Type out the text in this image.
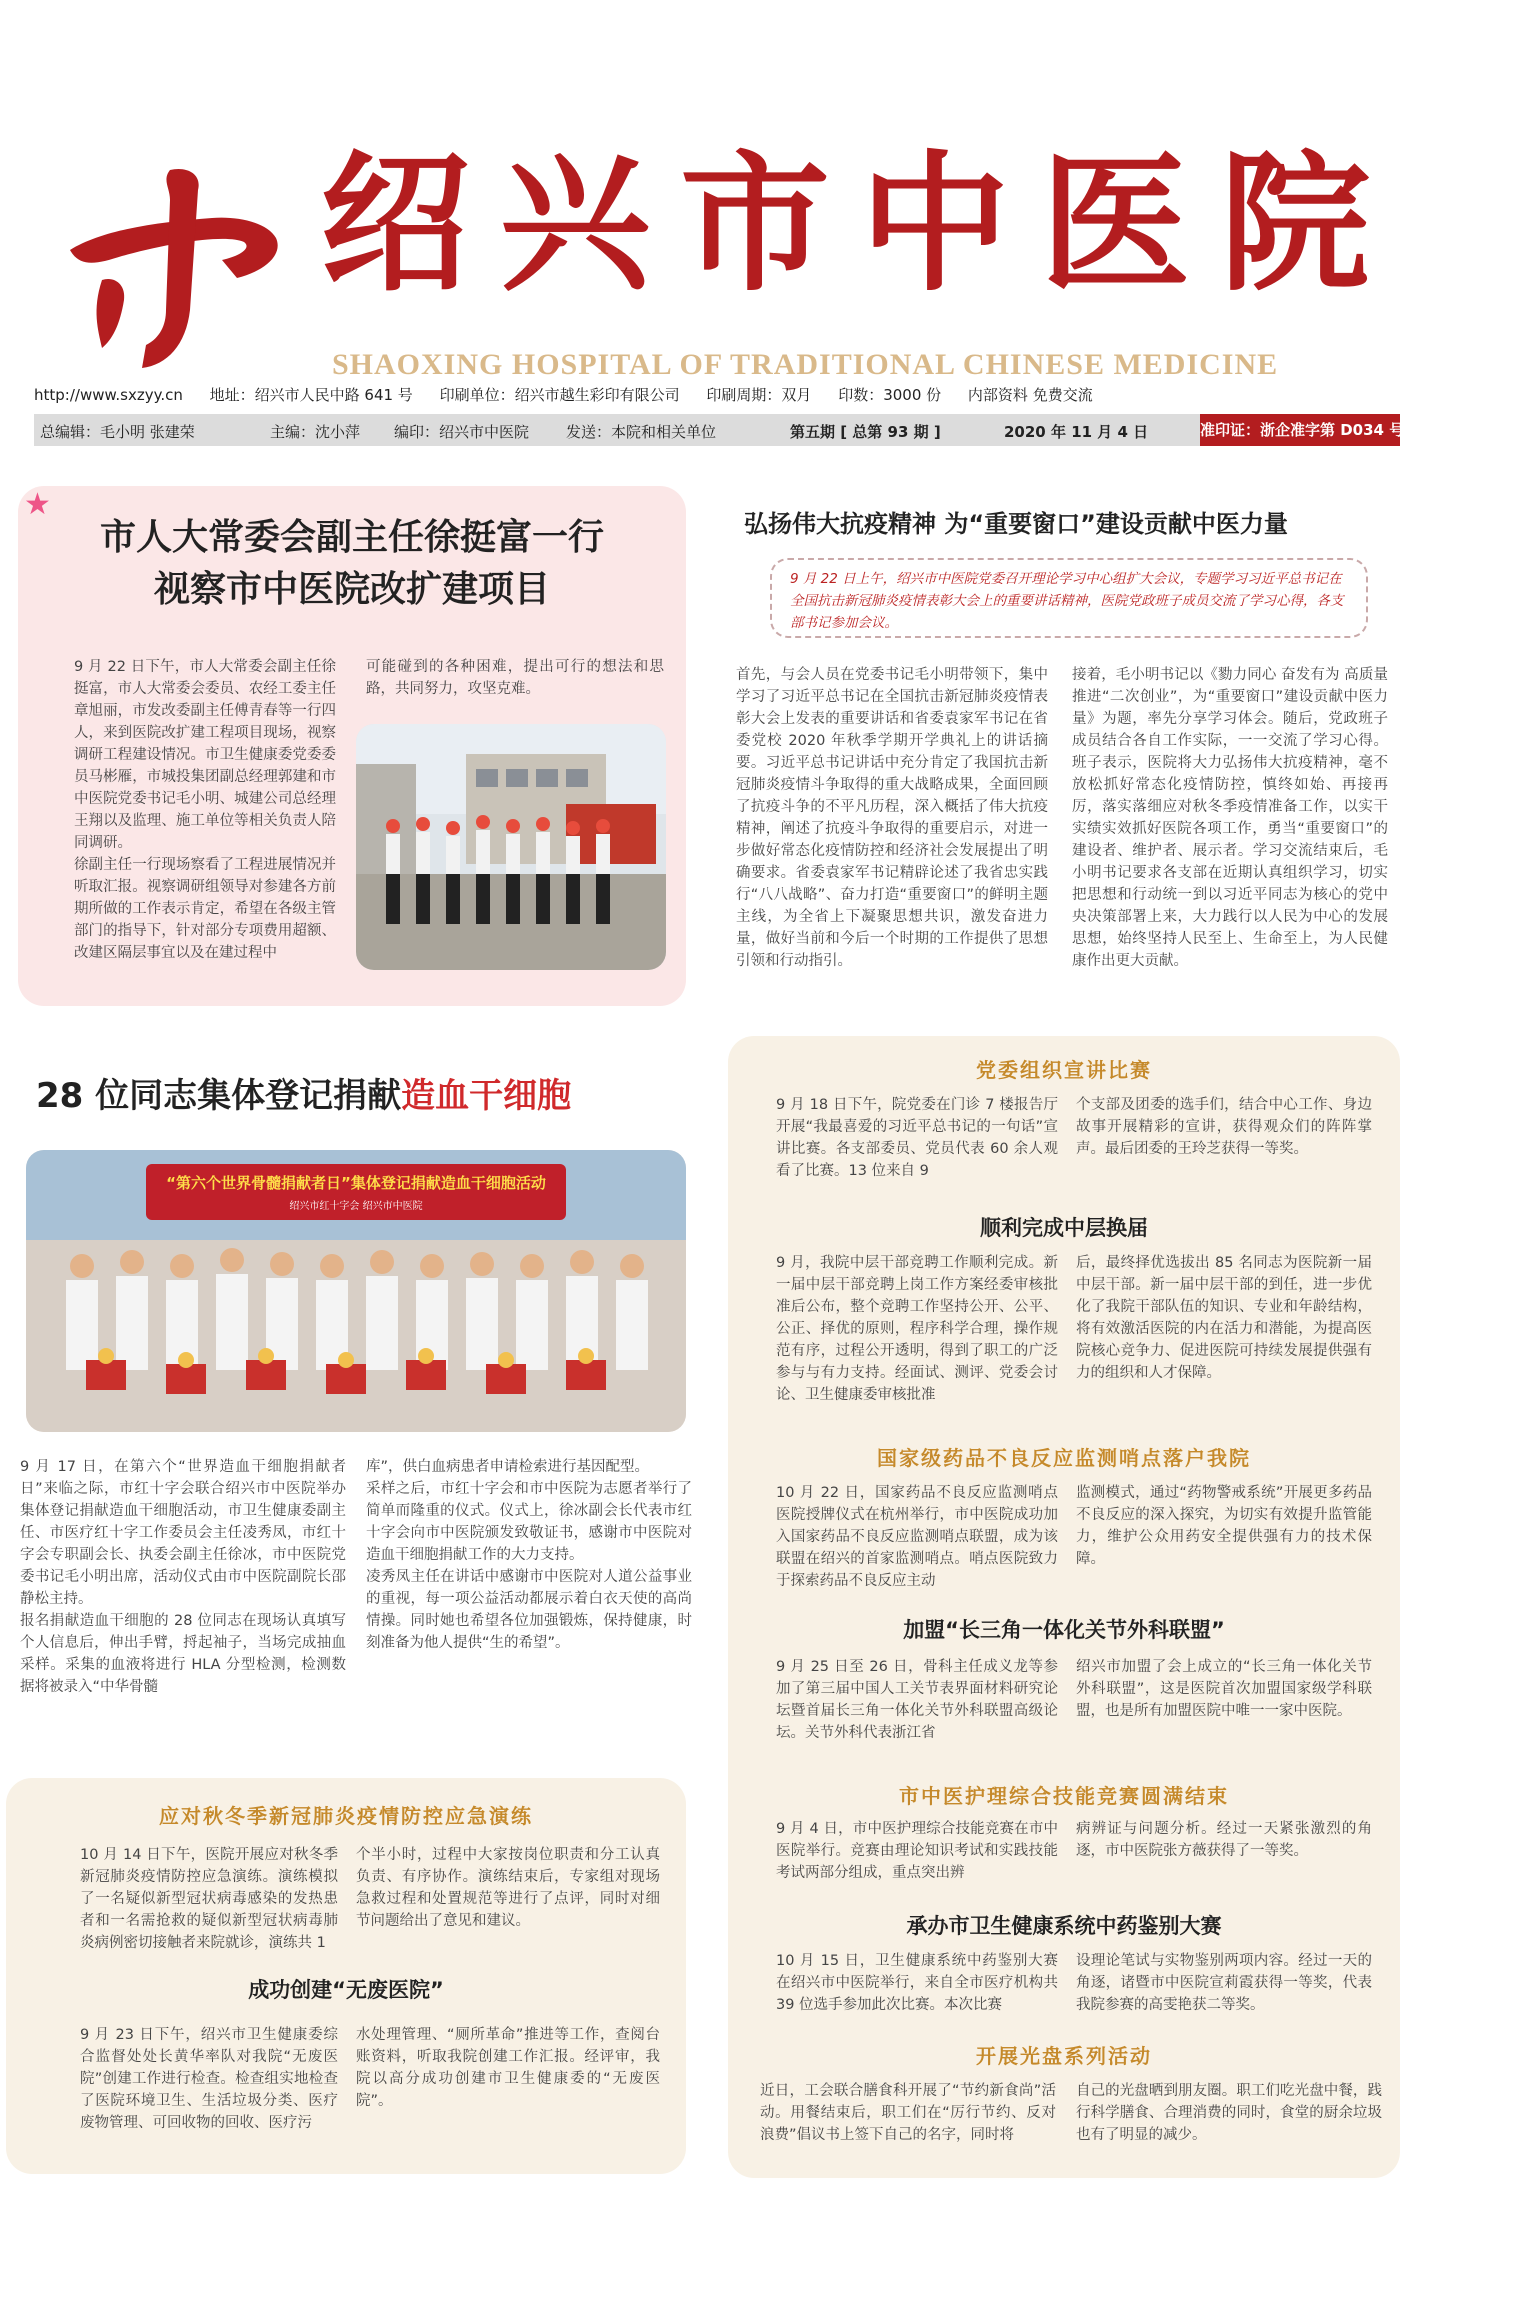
绍兴市中医院
SHAOXING HOSPITAL OF TRADITIONAL CHINESE MEDICINE
http://www.sxzyy.cn 地址：绍兴市人民中路 641 号 印刷单位：绍兴市越生彩印有限公司 印刷周期：双月 印数：3000 份 内部资料 免费交流
总编辑：毛小明 张建荣	主编：沈小萍 编印：绍兴市中医院 发送：本院和相关单位	第五期 [ 总第 93 期 ]	2020 年 11 月 4 日	准印证：浙企准字第 D034 号
★
市人大常委会副主任徐挺富一行
视察市中医院改扩建项目
9 月 22 日下午，市人大常委会副主任徐挺富，市人大常委会委员、农经工委主任章旭丽，市发改委副主任傅青春等一行四人，来到医院改扩建工程项目现场，视察调研工程建设情况。市卫生健康委党委委员马彬雁，市城投集团副总经理郭建和市中医院党委书记毛小明、城建公司总经理王翔以及监理、施工单位等相关负责人陪同调研。
徐副主任一行现场察看了工程进展情况并听取汇报。视察调研组领导对参建各方前期所做的工作表示肯定，希望在各级主管部门的指导下，针对部分专项费用超额、改建区隔层事宜以及在建过程中
可能碰到的各种困难，提出可行的想法和思路，共同努力，攻坚克难。
弘扬伟大抗疫精神 为“重要窗口”建设贡献中医力量
9 月 22 日上午，绍兴市中医院党委召开理论学习中心组扩大会议，专题学习习近平总书记在全国抗击新冠肺炎疫情表彰大会上的重要讲话精神，医院党政班子成员交流了学习心得，各支部书记参加会议。
首先，与会人员在党委书记毛小明带领下，集中学习了习近平总书记在全国抗击新冠肺炎疫情表彰大会上发表的重要讲话和省委袁家军书记在省委党校 2020 年秋季学期开学典礼上的讲话摘要。习近平总书记讲话中充分肯定了我国抗击新冠肺炎疫情斗争取得的重大战略成果，全面回顾了抗疫斗争的不平凡历程，深入概括了伟大抗疫精神，阐述了抗疫斗争取得的重要启示，对进一步做好常态化疫情防控和经济社会发展提出了明确要求。省委袁家军书记精辟论述了我省忠实践行“八八战略”、奋力打造“重要窗口”的鲜明主题主线，为全省上下凝聚思想共识，激发奋进力量，做好当前和今后一个时期的工作提供了思想引领和行动指引。
接着，毛小明书记以《勠力同心 奋发有为 高质量推进“二次创业”，为“重要窗口”建设贡献中医力量》为题，率先分享学习体会。随后，党政班子成员结合各自工作实际，一一交流了学习心得。班子表示，医院将大力弘扬伟大抗疫精神，毫不放松抓好常态化疫情防控，慎终如始、再接再厉，落实落细应对秋冬季疫情准备工作，以实干实绩实效抓好医院各项工作，勇当“重要窗口”的建设者、维护者、展示者。学习交流结束后，毛小明书记要求各支部在近期认真组织学习，切实把思想和行动统一到以习近平同志为核心的党中央决策部署上来，大力践行以人民为中心的发展思想，始终坚持人民至上、生命至上，为人民健康作出更大贡献。
28 位同志集体登记捐献造血干细胞
“第六个世界骨髓捐献者日”集体登记捐献造血干细胞活动
绍兴市红十字会 绍兴市中医院
9 月 17 日，在第六个“世界造血干细胞捐献者日”来临之际，市红十字会联合绍兴市中医院举办集体登记捐献造血干细胞活动，市卫生健康委副主任、市医疗红十字工作委员会主任凌秀凤，市红十字会专职副会长、执委会副主任徐冰，市中医院党委书记毛小明出席，活动仪式由市中医院副院长邵静松主持。
报名捐献造血干细胞的 28 位同志在现场认真填写个人信息后，伸出手臂，捋起袖子，当场完成抽血采样。采集的血液将进行 HLA 分型检测，检测数据将被录入“中华骨髓
库”，供白血病患者申请检索进行基因配型。
采样之后，市红十字会和市中医院为志愿者举行了简单而隆重的仪式。仪式上，徐冰副会长代表市红十字会向市中医院颁发致敬证书，感谢市中医院对造血干细胞捐献工作的大力支持。
凌秀凤主任在讲话中感谢市中医院对人道公益事业的重视，每一项公益活动都展示着白衣天使的高尚情操。同时她也希望各位加强锻炼，保持健康，时刻准备为他人提供“生的希望”。
应对秋冬季新冠肺炎疫情防控应急演练
10 月 14 日下午，医院开展应对秋冬季新冠肺炎疫情防控应急演练。演练模拟了一名疑似新型冠状病毒感染的发热患者和一名需抢救的疑似新型冠状病毒肺炎病例密切接触者来院就诊，演练共 1
个半小时，过程中大家按岗位职责和分工认真负责、有序协作。演练结束后，专家组对现场急救过程和处置规范等进行了点评，同时对细节问题给出了意见和建议。
成功创建“无废医院”
9 月 23 日下午，绍兴市卫生健康委综合监督处处长黄华率队对我院“无废医院”创建工作进行检查。检查组实地检查了医院环境卫生、生活垃圾分类、医疗废物管理、可回收物的回收、医疗污
水处理管理、“厕所革命”推进等工作，查阅台账资料，听取我院创建工作汇报。经评审，我院以高分成功创建市卫生健康委的“无废医院”。
党委组织宣讲比赛
9 月 18 日下午，院党委在门诊 7 楼报告厅开展“我最喜爱的习近平总书记的一句话”宣讲比赛。各支部委员、党员代表 60 余人观看了比赛。13 位来自 9
个支部及团委的选手们，结合中心工作、身边故事开展精彩的宣讲，获得观众们的阵阵掌声。最后团委的王玲芝获得一等奖。
顺利完成中层换届
9 月，我院中层干部竞聘工作顺利完成。新一届中层干部竞聘上岗工作方案经委审核批准后公布，整个竞聘工作坚持公开、公平、公正、择优的原则，程序科学合理，操作规范有序，过程公开透明，得到了职工的广泛参与与有力支持。经面试、测评、党委会讨论、卫生健康委审核批准
后，最终择优选拔出 85 名同志为医院新一届中层干部。新一届中层干部的到任，进一步优化了我院干部队伍的知识、专业和年龄结构，将有效激活医院的内在活力和潜能，为提高医院核心竞争力、促进医院可持续发展提供强有力的组织和人才保障。
国家级药品不良反应监测哨点落户我院
10 月 22 日，国家药品不良反应监测哨点医院授牌仪式在杭州举行，市中医院成功加入国家药品不良反应监测哨点联盟，成为该联盟在绍兴的首家监测哨点。哨点医院致力于探索药品不良反应主动
监测模式，通过“药物警戒系统”开展更多药品不良反应的深入探究，为切实有效提升监管能力，维护公众用药安全提供强有力的技术保障。
加盟“长三角一体化关节外科联盟”
9 月 25 日至 26 日，骨科主任成义龙等参加了第三届中国人工关节表界面材料研究论坛暨首届长三角一体化关节外科联盟高级论坛。关节外科代表浙江省
绍兴市加盟了会上成立的“长三角一体化关节外科联盟”，这是医院首次加盟国家级学科联盟，也是所有加盟医院中唯一一家中医院。
市中医护理综合技能竞赛圆满结束
9 月 4 日，市中医护理综合技能竞赛在市中医院举行。竞赛由理论知识考试和实践技能考试两部分组成，重点突出辨
病辨证与问题分析。经过一天紧张激烈的角逐，市中医院张方薇获得了一等奖。
承办市卫生健康系统中药鉴别大赛
10 月 15 日，卫生健康系统中药鉴别大赛在绍兴市中医院举行，来自全市医疗机构共 39 位选手参加此次比赛。本次比赛
设理论笔试与实物鉴别两项内容。经过一天的角逐，诸暨市中医院宣莉霞获得一等奖，代表我院参赛的高雯艳获二等奖。
开展光盘系列活动
近日，工会联合膳食科开展了“节约新食尚”活动。用餐结束后，职工们在“厉行节约、反对浪费”倡议书上签下自己的名字，同时将
自己的光盘晒到朋友圈。职工们吃光盘中餐，践行科学膳食、合理消费的同时，食堂的厨余垃圾也有了明显的减少。
